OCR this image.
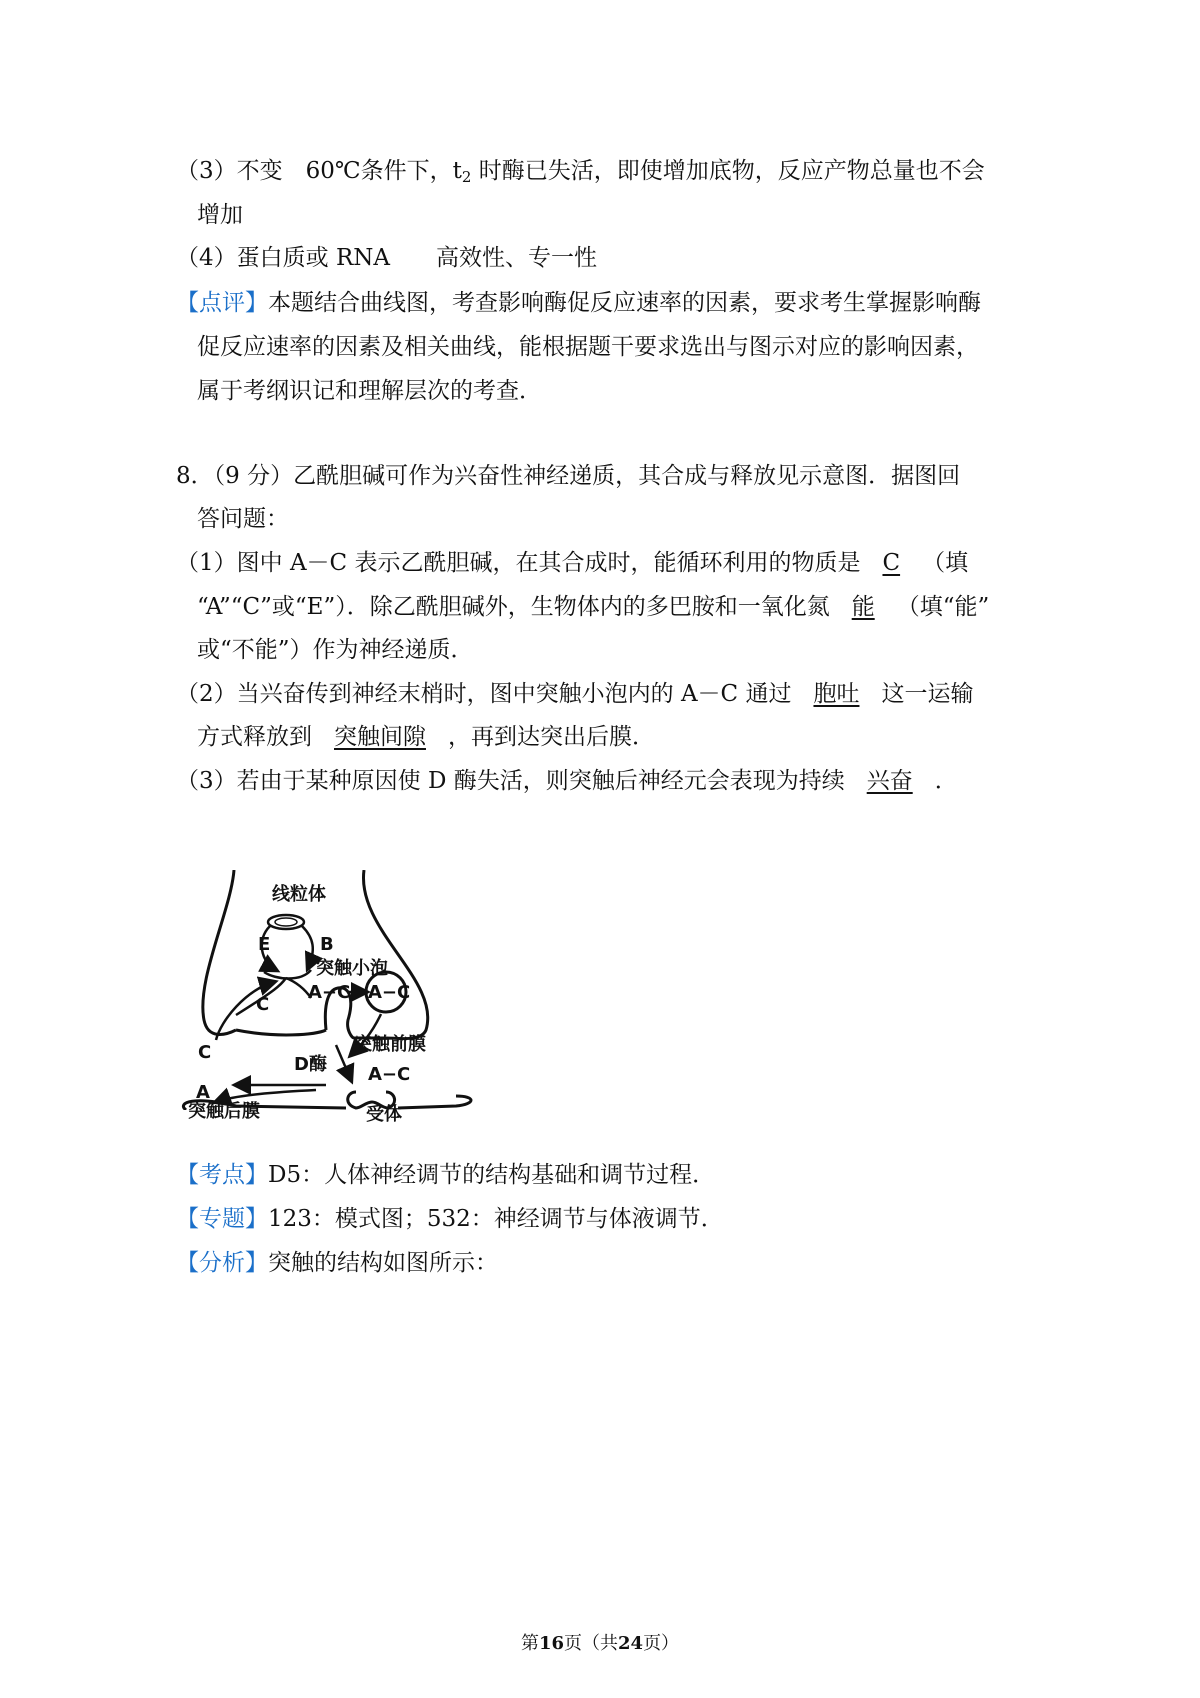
（3）不变　60℃条件下，$t_2$ 时酶已失活，即使增加底物，反应产物总量也不会
增加
（4）蛋白质或 RNA　　高效性、专一性
【点评】本题结合曲线图，考查影响酶促反应速率的因素，要求考生掌握影响酶
促反应速率的因素及相关曲线，能根据题干要求选出与图示对应的影响因素，
属于考纲识记和理解层次的考查．
8．（9 分）乙酰胆碱可作为兴奋性神经递质，其合成与释放见示意图．据图回
答问题：
（1）图中 A－C 表示乙酰胆碱，在其合成时，能循环利用的物质是 C （填
“A”“C”或“E”）．除乙酰胆碱外，生物体内的多巴胺和一氧化氮 能 （填“能”
或“不能”）作为神经递质．
（2）当兴奋传到神经末梢时，图中突触小泡内的 A－C 通过 胞吐 这一运输
方式释放到 突触间隙 ，再到达突出后膜．
（3）若由于某种原因使 D 酶失活，则突触后神经元会表现为持续 兴奋 ．
线粒体
E	B
突触小泡
C
A−C A−C
突触前膜
C
D酶 A−C
A
突触后膜	受体
【考点】D5：人体神经调节的结构基础和调节过程．
【专题】123：模式图；532：神经调节与体液调节．
【分析】突触的结构如图所示：
第16页（共24页）
